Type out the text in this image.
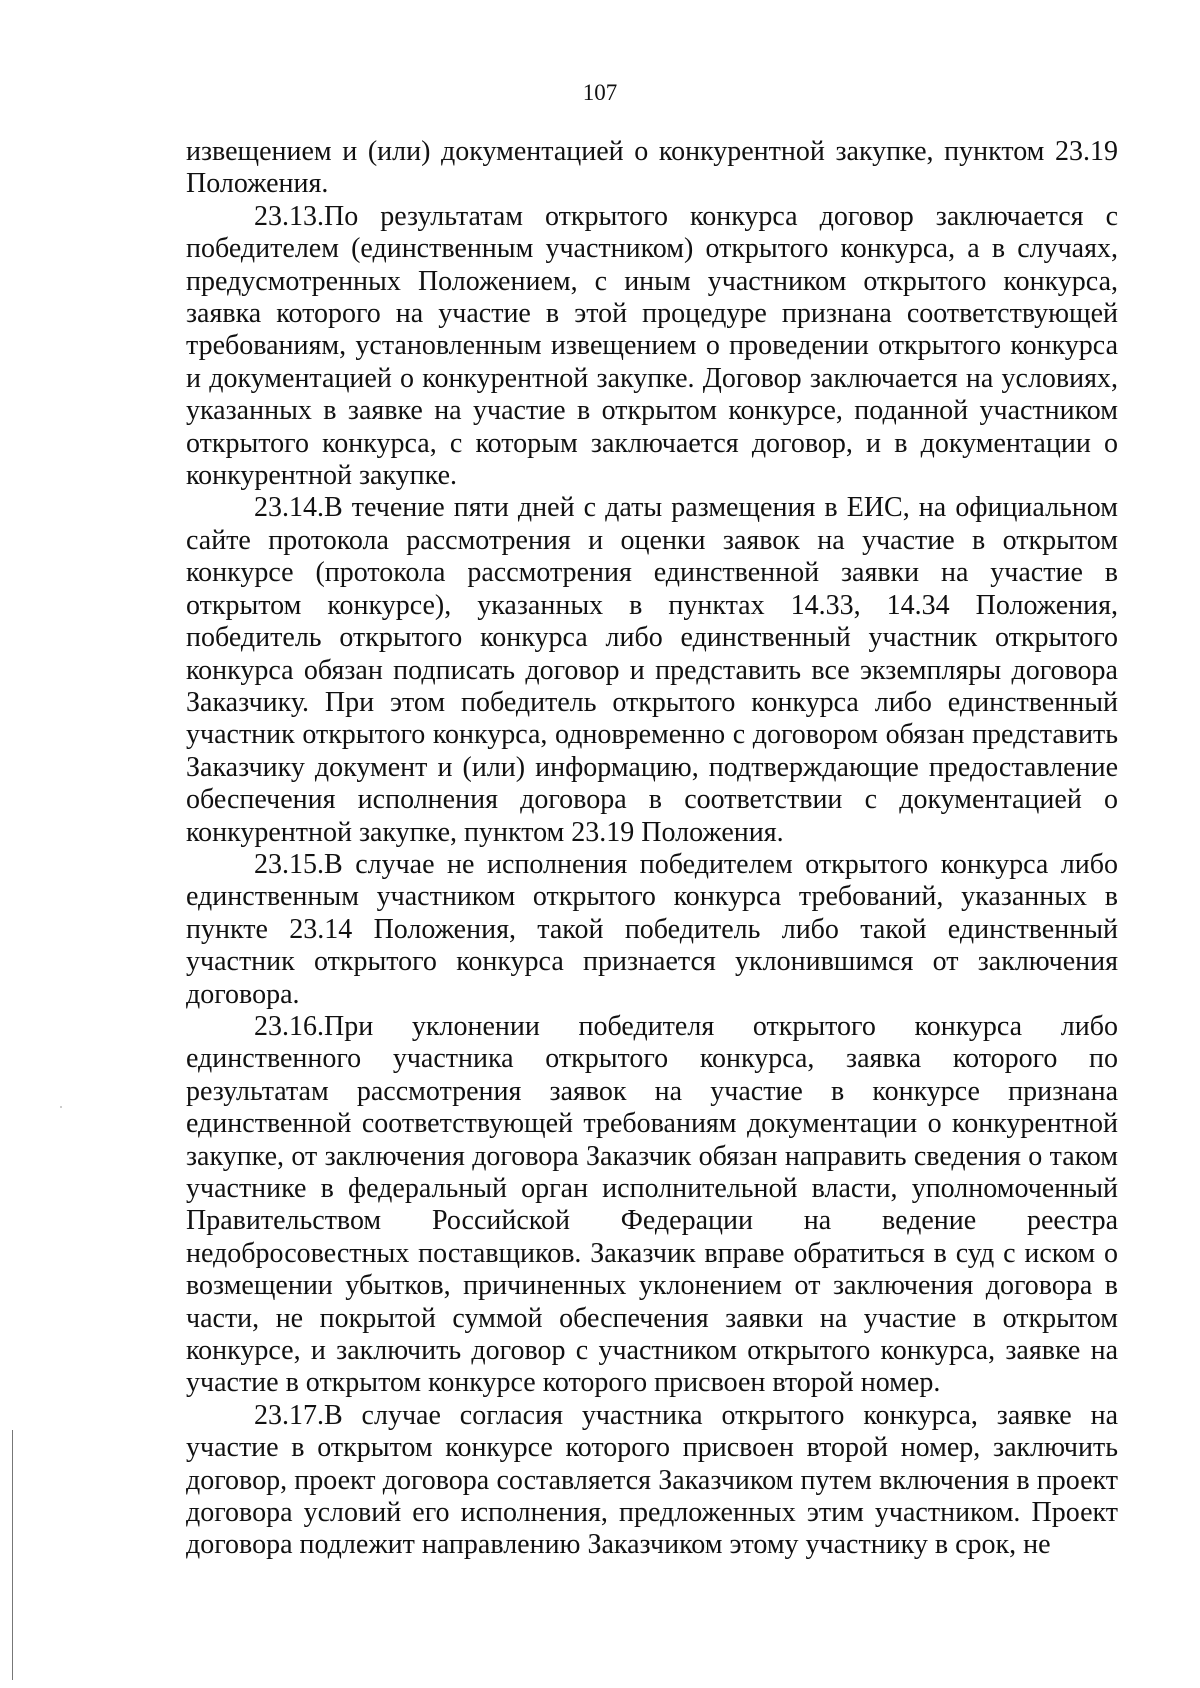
107

извещением и (или) документацией о конкурентной закупке, пунктом 23.19 Положения.

23.13.По результатам открытого конкурса договор заключается с победителем (единственным участником) открытого конкурса, а в случаях, предусмотренных Положением, с иным участником открытого конкурса, заявка которого на участие в этой процедуре признана соответствующей требованиям, установленным извещением о проведении открытого конкурса и документацией о конкурентной закупке. Договор заключается на условиях, указанных в заявке на участие в открытом конкурсе, поданной участником открытого конкурса, с которым заключается договор, и в документации о конкурентной закупке.

23.14.В течение пяти дней с даты размещения в ЕИС, на официальном сайте протокола рассмотрения и оценки заявок на участие в открытом конкурсе (протокола рассмотрения единственной заявки на участие в открытом конкурсе), указанных в пунктах 14.33, 14.34 Положения, победитель открытого конкурса либо единственный участник открытого конкурса обязан подписать договор и представить все экземпляры договора Заказчику. При этом победитель открытого конкурса либо единственный участник открытого конкурса, одновременно с договором обязан представить Заказчику документ и (или) информацию, подтверждающие предоставление обеспечения исполнения договора в соответствии с документацией о конкурентной закупке, пунктом 23.19 Положения.

23.15.В случае не исполнения победителем открытого конкурса либо единственным участником открытого конкурса требований, указанных в пункте 23.14 Положения, такой победитель либо такой единственный участник открытого конкурса признается уклонившимся от заключения договора.

23.16.При уклонении победителя открытого конкурса либо единственного участника открытого конкурса, заявка которого по результатам рассмотрения заявок на участие в конкурсе признана единственной соответствующей требованиям документации о конкурентной закупке, от заключения договора Заказчик обязан направить сведения о таком участнике в федеральный орган исполнительной власти, уполномоченный Правительством Российской Федерации на ведение реестра недобросовестных поставщиков. Заказчик вправе обратиться в суд с иском о возмещении убытков, причиненных уклонением от заключения договора в части, не покрытой суммой обеспечения заявки на участие в открытом конкурсе, и заключить договор с участником открытого конкурса, заявке на участие в открытом конкурсе которого присвоен второй номер.

23.17.В случае согласия участника открытого конкурса, заявке на участие в открытом конкурсе которого присвоен второй номер, заключить договор, проект договора составляется Заказчиком путем включения в проект договора условий его исполнения, предложенных этим участником. Проект договора подлежит направлению Заказчиком этому участнику в срок, не
